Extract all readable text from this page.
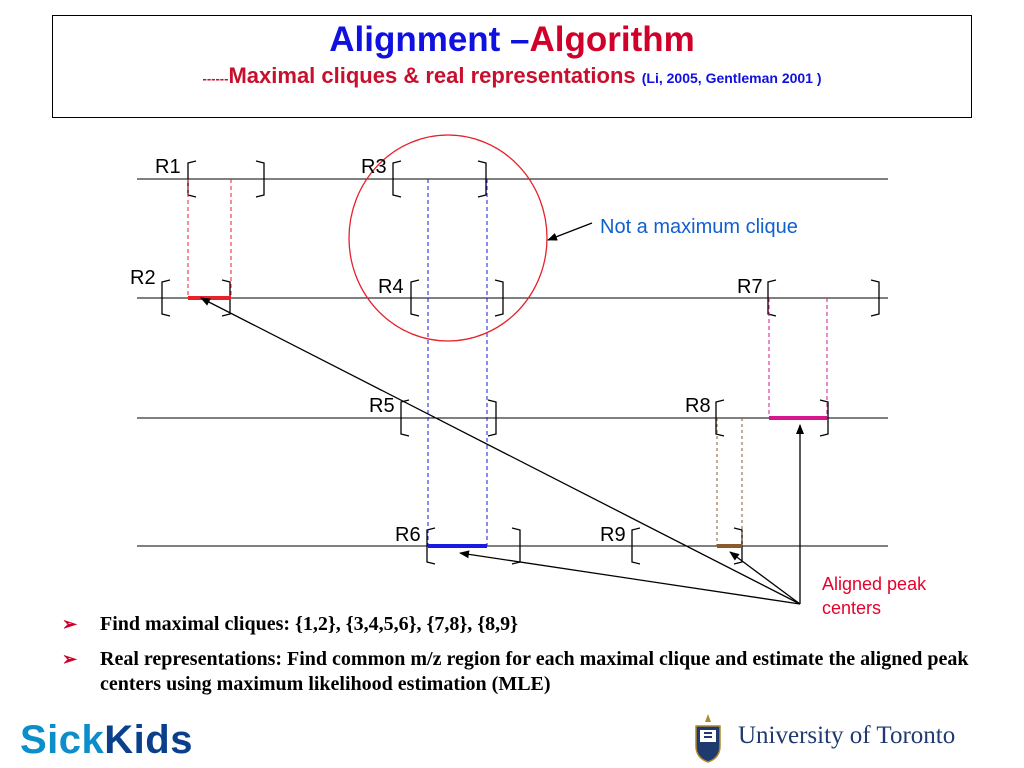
Alignment –Algorithm
------Maximal cliques & real representations (Li, 2005, Gentleman 2001 )
R1	R3
R2	R4	R7
R5	R8
R6	R9
Not a maximum clique
Aligned peak
centers
➢ Find maximal cliques: {1,2}, {3,4,5,6}, {7,8}, {8,9}
➢ Real representations: Find common m/z region for each maximal clique and estimate the aligned peak centers using maximum likelihood estimation (MLE)
SickKids	University of Toronto
